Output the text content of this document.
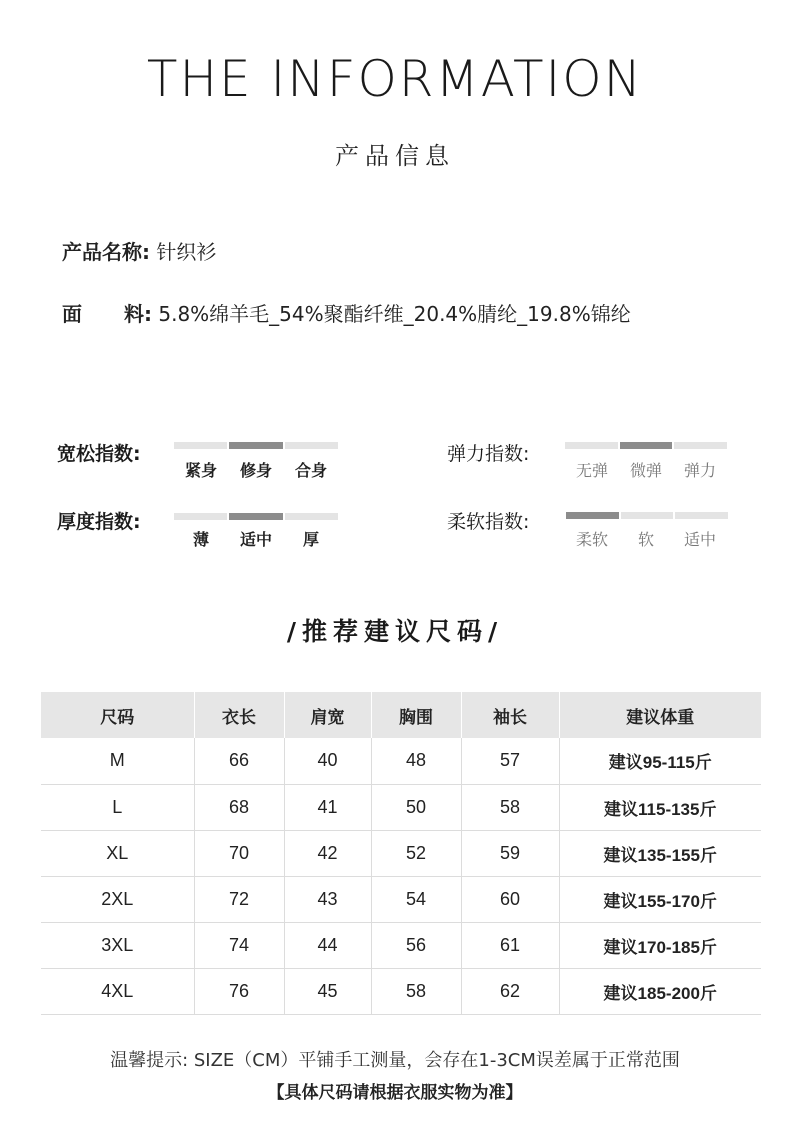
THE INFORMATION
产品信息
产品名称: 针织衫
面 料: 5.8%绵羊毛_54%聚酯纤维_20.4%腈纶_19.8%锦纶
宽松指数:
紧身	修身	合身
弹力指数:
无弹	微弹	弹力
厚度指数:
薄	适中	厚
柔软指数:
柔软	软	适中
/推荐建议尺码/
尺码	衣长	肩宽	胸围	袖长	建议体重
M	66	40	48	57	建议95-115斤
L	68	41	50	58	建议115-135斤
XL	70	42	52	59	建议135-155斤
2XL	72	43	54	60	建议155-170斤
3XL	74	44	56	61	建议170-185斤
4XL	76	45	58	62	建议185-200斤
温馨提示: SIZE（CM）平铺手工测量，会存在1-3CM误差属于正常范围
【具体尺码请根据衣服实物为准】
